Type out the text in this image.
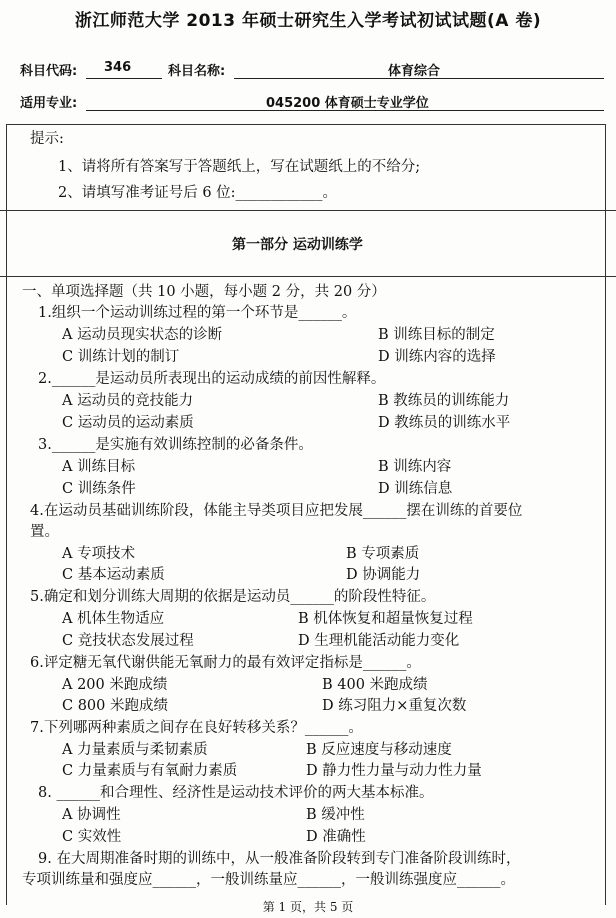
浙江师范大学 2013 年硕士研究生入学考试初试试题(A 卷)
科目代码: 346	科目名称:	体育综合
适用专业:	045200 体育硕士专业学位
提示:
1、请将所有答案写于答题纸上，写在试题纸上的不给分;
2、请填写准考证号后 6 位:____________。
第一部分 运动训练学
一、单项选择题（共 10 小题，每小题 2 分，共 20 分）
1.组织一个运动训练过程的第一个环节是______。
A 运动员现实状态的诊断	B 训练目标的制定
C 训练计划的制订	D 训练内容的选择
2.______是运动员所表现出的运动成绩的前因性解释。
A 运动员的竞技能力	B 教练员的训练能力
C 运动员的运动素质	D 教练员的训练水平
3.______是实施有效训练控制的必备条件。
A 训练目标	B 训练内容
C 训练条件	D 训练信息
4.在运动员基础训练阶段，体能主导类项目应把发展______摆在训练的首要位
置。
A 专项技术	B 专项素质
C 基本运动素质	D 协调能力
5.确定和划分训练大周期的依据是运动员______的阶段性特征。
A 机体生物适应	B 机体恢复和超量恢复过程
C 竞技状态发展过程	D 生理机能活动能力变化
6.评定糖无氧代谢供能无氧耐力的最有效评定指标是______。
A 200 米跑成绩	B 400 米跑成绩
C 800 米跑成绩	D 练习阻力×重复次数
7.下列哪两种素质之间存在良好转移关系？______。
A 力量素质与柔韧素质	B 反应速度与移动速度
C 力量素质与有氧耐力素质	D 静力性力量与动力性力量
8. ______和合理性、经济性是运动技术评价的两大基本标准。
A 协调性	B 缓冲性
C 实效性	D 准确性
9. 在大周期准备时期的训练中，从一般准备阶段转到专门准备阶段训练时，
专项训练量和强度应______，一般训练量应______，一般训练强度应______。
第 1 页，共 5 页
